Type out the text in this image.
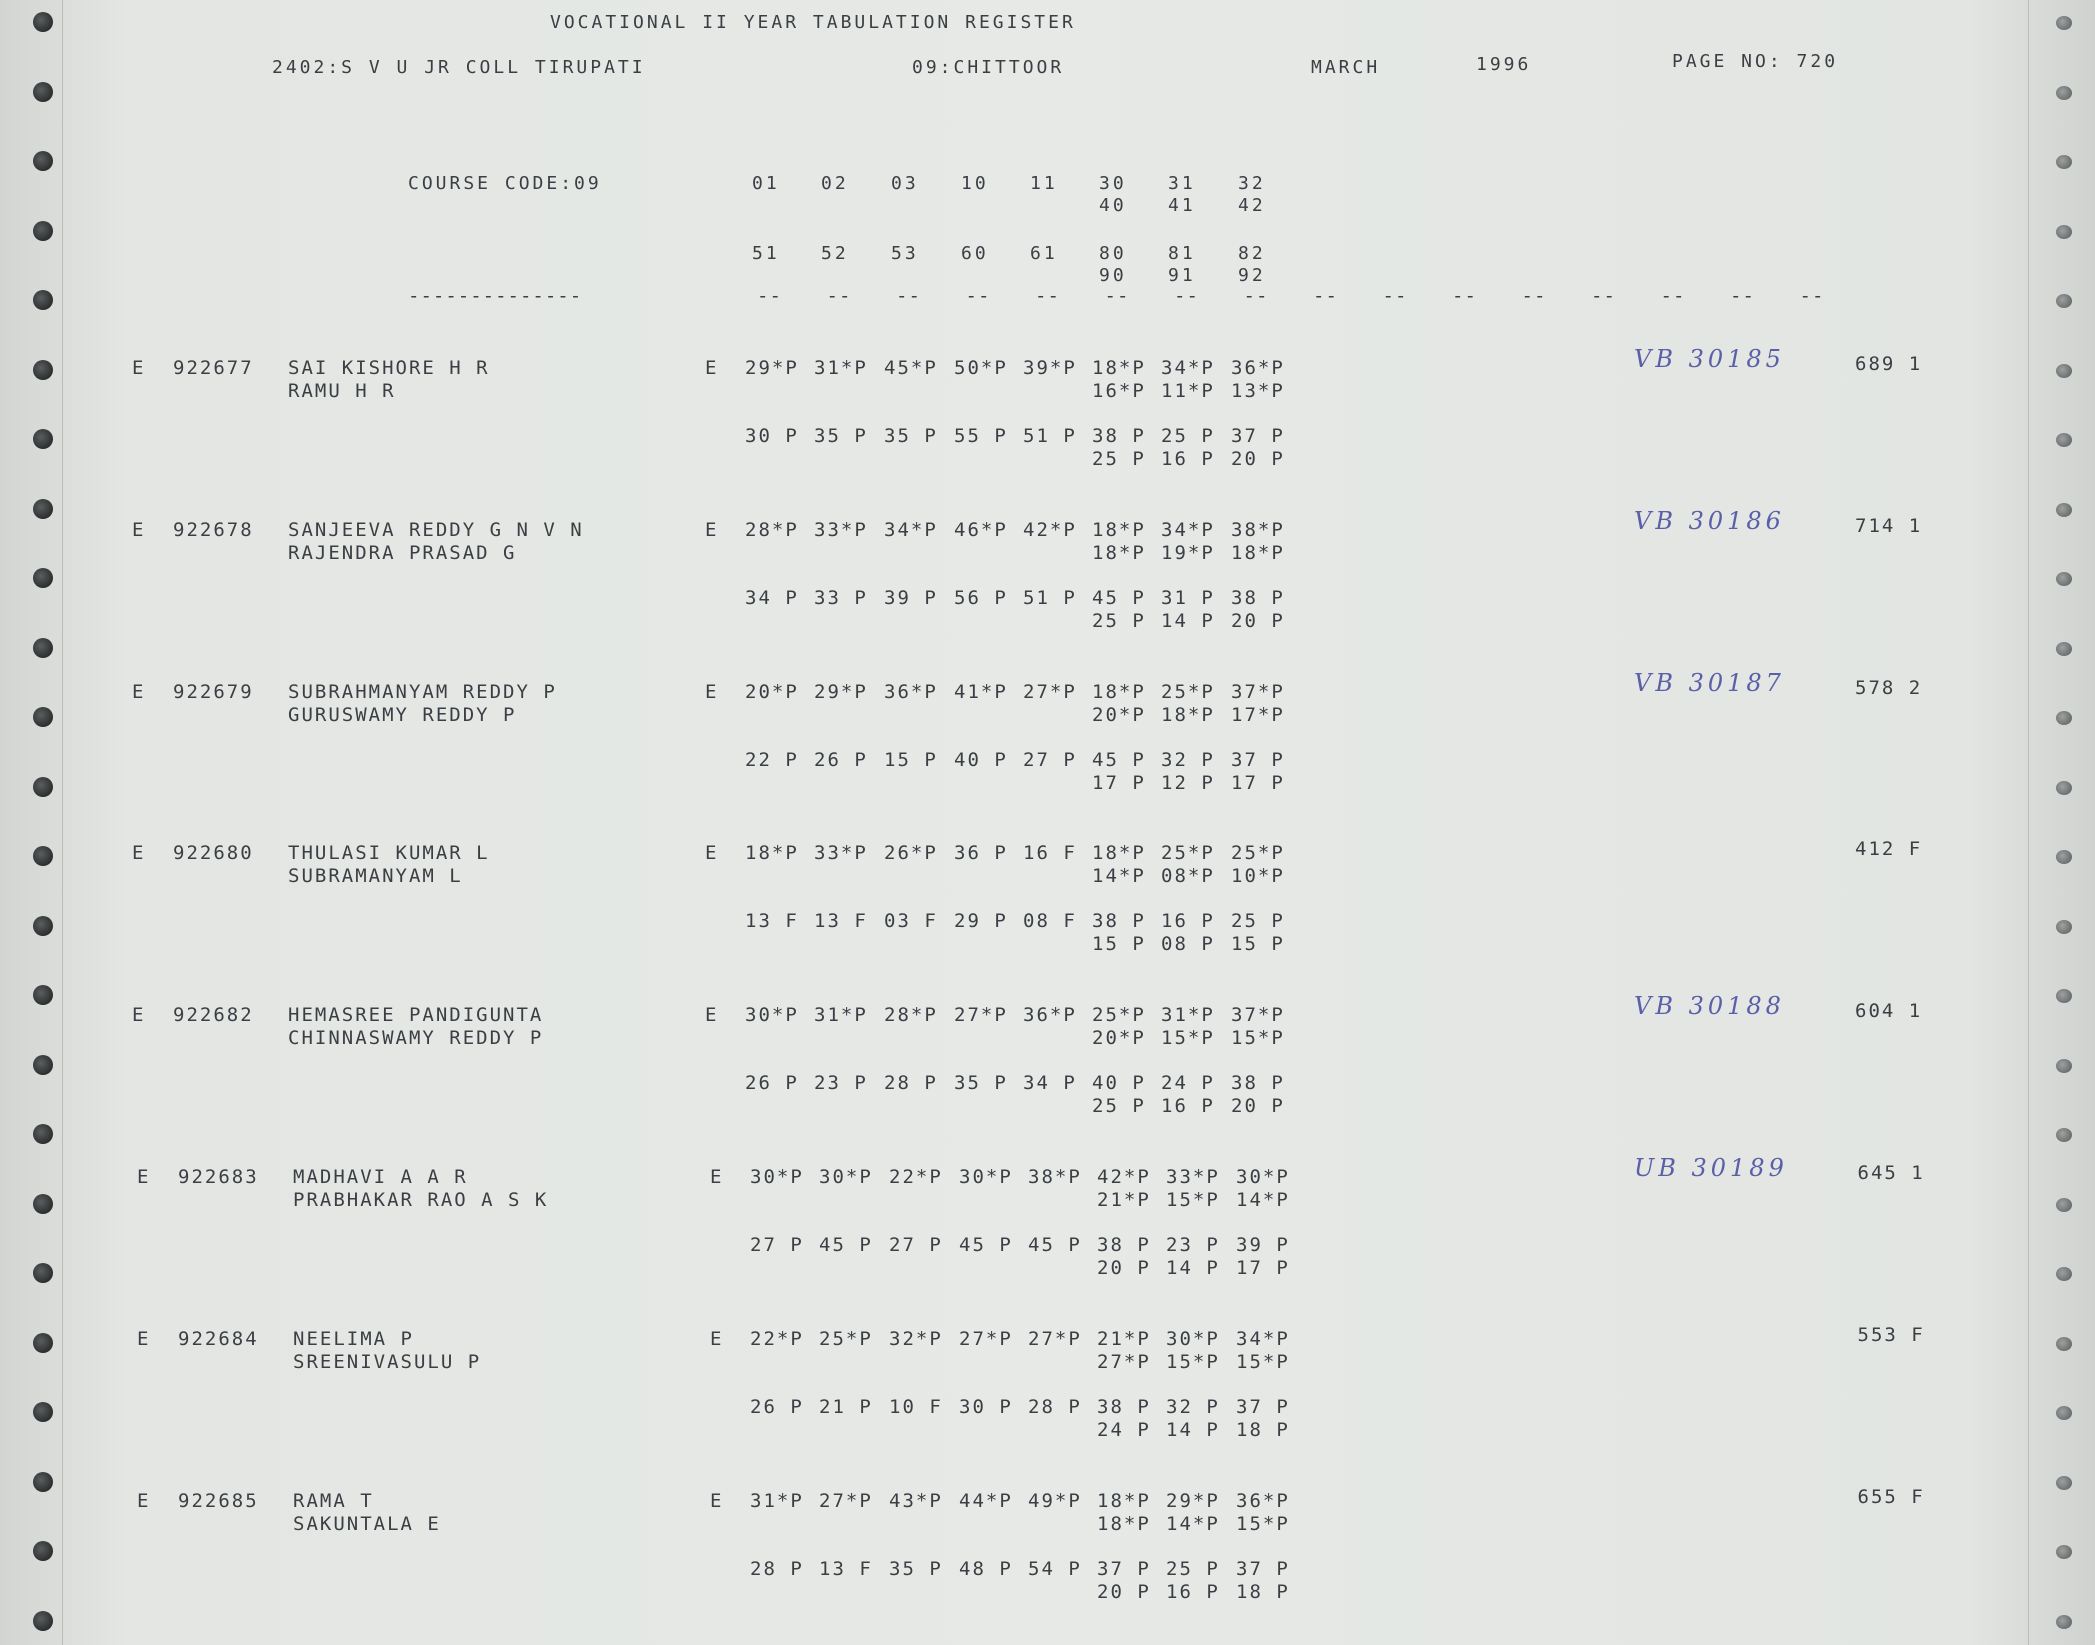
VOCATIONAL II YEAR TABULATION REGISTER
2402:S V U JR COLL TIRUPATI	09:CHITTOOR	MARCH	1996	PAGE NO: 720
COURSE CODE:09	01 02 03 10 11 30 31 32
40 41 42
51 52 53 60 61 80 81 82
90 91 92
-- -- -- -- -- -- -- -- -- -- -- -- -- -- -- --
--------------
E 922677 SAI KISHORE H R
RAMU H R
E 29*P 31*P 45*P 50*P 39*P 18*P 34*P 36*P
16*P 11*P 13*P
30 P 35 P 35 P 55 P 51 P 38 P 25 P 37 P
25 P 16 P 20 P
VB 30185	689 1
E 922678 SANJEEVA REDDY G N V N
RAJENDRA PRASAD G
E 28*P 33*P 34*P 46*P 42*P 18*P 34*P 38*P
18*P 19*P 18*P
34 P 33 P 39 P 56 P 51 P 45 P 31 P 38 P
25 P 14 P 20 P
VB 30186	714 1
E 922679 SUBRAHMANYAM REDDY P
GURUSWAMY REDDY P
E 20*P 29*P 36*P 41*P 27*P 18*P 25*P 37*P
20*P 18*P 17*P
22 P 26 P 15 P 40 P 27 P 45 P 32 P 37 P
17 P 12 P 17 P
VB 30187	578 2
E 922680 THULASI KUMAR L
SUBRAMANYAM L
E 18*P 33*P 26*P 36 P 16 F 18*P 25*P 25*P
14*P 08*P 10*P
13 F 13 F 03 F 29 P 08 F 38 P 16 P 25 P
15 P 08 P 15 P
412 F
E 922682 HEMASREE PANDIGUNTA
CHINNASWAMY REDDY P
E 30*P 31*P 28*P 27*P 36*P 25*P 31*P 37*P
20*P 15*P 15*P
26 P 23 P 28 P 35 P 34 P 40 P 24 P 38 P
25 P 16 P 20 P
VB 30188	604 1
E 922683 MADHAVI A A R
PRABHAKAR RAO A S K
E 30*P 30*P 22*P 30*P 38*P 42*P 33*P 30*P
21*P 15*P 14*P
27 P 45 P 27 P 45 P 45 P 38 P 23 P 39 P
20 P 14 P 17 P
UB 30189	645 1
E 922684 NEELIMA P
SREENIVASULU P
E 22*P 25*P 32*P 27*P 27*P 21*P 30*P 34*P
27*P 15*P 15*P
26 P 21 P 10 F 30 P 28 P 38 P 32 P 37 P
24 P 14 P 18 P
553 F
E 922685 RAMA T
SAKUNTALA E
E 31*P 27*P 43*P 44*P 49*P 18*P 29*P 36*P
18*P 14*P 15*P
28 P 13 F 35 P 48 P 54 P 37 P 25 P 37 P
20 P 16 P 18 P
655 F
